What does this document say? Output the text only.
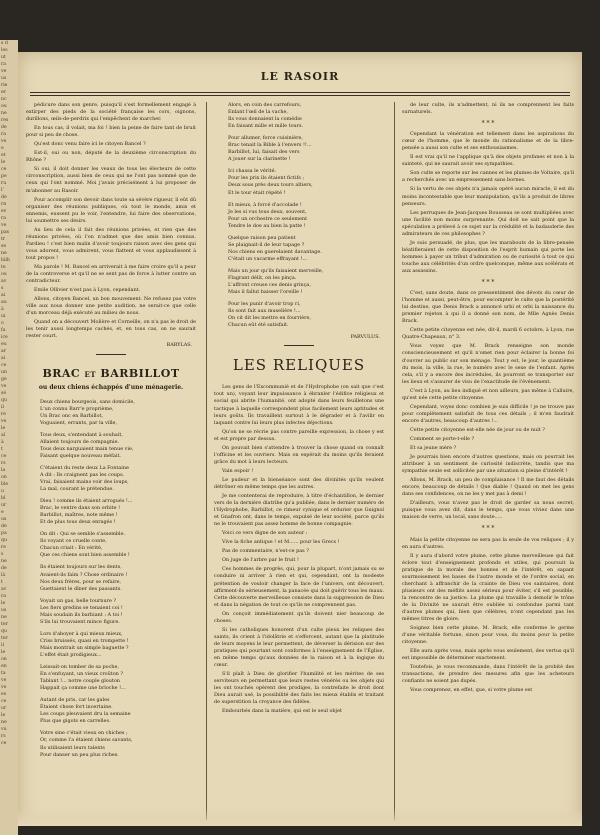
s ri
les
ut
ra
ve
us
rie
er
nc
ou
ne
res
de
ra
ve
e
et
le
ce
pe
ru
l'
de
rn
ev
ra
ve
pas
tr
se
ne
bilh
te
ou
av
s
ai
au
à
ui
o
fa
ice
eu
ar
ai
ce
un
ge
ve
sé
qu
il
re
ve
le
al
à
t
ce
rs
la
on
ble
u
bl
ur
e
us
de
pa
qu
re
s
ne
de
là
t
av
ra
le
us
ne
ter
qu
ter
il
le
on
en
ta
ve
ve
es
ce
ur
le
ne
vu
rs
ce
LE RASOIR

pédicure dans son genre, puisqu'il s'est formellement engagé à extirper des pieds de la société française les cors, oignons, durillons, œils-de-perdrix qui l'empêchent de marcher.

En tous cas, il volait, ma foi ! bien la peine de faire tant de bruit pour si peu de chose.

Qu'est donc venu faire ici le citoyen Bancel ?

Est-il, oui ou non, député de la deuxième circonscription du Rhône ?

Si oui, il doit donner les veaux de tous les électeurs de cette circonscription, aussi bien de ceux qui ne l'ont pas nommé que de ceux qui l'ont nommé. Moi j'avais précisément à lui proposer de m'abonner au Rasoir.

Pour accomplir son devoir dans toute sa sévère rigueur, il eût dû organiser des réunions publiques, où tout le monde, amis et ennemis, eussent pu le voir, l'entendre, lui faire des observations, lui soumettre ses désirs.

Au lieu de cela il fait des réunions privées, et rien que des réunions privées, où l'on n'admet que des amis bien connus. Pardieu ! c'est bien malin d'avoir toujours raison avec des gens qui vous adorent, vous admirent, vous flattent et vous applaudissent à tout propos !

Ma parole ! M. Bancel en arriverait à me faire croire qu'il a peur de la controverse et qu'il ne se sent pas de force à lutter contre un contradicteur.

Emile Ollivier n'est pas à Lyon, cependant.

Allons, citoyen Bancel, un bon mouvement. Ne refusez pas votre ville aux nous donner une petite audition, ne serait-ce que celle d'un morceau déjà exécuté au milieu de nous.

Quand on a découvert Molière et Corneille, on n'a pas le droit de les tenir aussi longtemps cachés, et, en tous cas, on ne saurait rester court.

BARYLAS.

BRAC ET BARBILLOT
ou deux chiens échappés d'une ménagerie.

Deux chiens bourgeois, sans domicile,

L'un connu Barr'e proprième,

Un Brac onc en Barbillot,

Voguaient, errants, par la ville,

Tous deux, s'entendant à souhait,

Allaient toujours de compagnie.

Tous deux narguaient main tenue vie,

Faisant quelque nouveau méfait.

C'étaient du reste deux La Fontaine

A dit : Ils craignent pas les coups.

Vrai, faisaient mains voir des loups,

La mal, courant le prétendue.

Dieu ! comme ils étaient arrogués !...

Brac, le ventre dans son orbite !

Barbillot, maîtres, note même !

Et de plus tous deux enragés !

On dit : Qui se semble s'assemble.

Ils voyant ce cruelle conte,

Chacun criait : En vérité,

Que ces chiens sont bien assemble !

Ils étaient toujours sur les dents,

Avaient-ils faim ? Chose ordinaire !

Nos deux frères, pour se refaire,

Guettaient le dîner des passants.

Voyait un gas, belle tournure ?

Les fiers gredins se tenaient coi !

Mais soudain ils barbiant : A toi !

S'ils lui trouvaient mince figure.

Lors d'aboyer à qui mieux mieux,

Criss bruissés, quasi en trompette !

Mais montrait un simple baguette ?

L'effet était prodigieux...

Leissait-on tomber de sa poche,

En s'enfuyant, un vieux croûton ?

Tablant !... notre couple glouton

Happait ça comme une brioche !...

Autant de pris, car les gales

Étaient chose fort incertaine.

Les coups pleuvaient dru la semaine

Plus que gigots en carrelles.

Votre sine c'était vieux en chiches ;

Or, comme l'a étaient chiens savants,

Ils utilisaient leurs talents

Pour danser un peu plus riches.

Alors, en coin des carrefours,

Enlant l'œil de la vache,

Ils vous donnaient la comédie

En faisant mille et mille tours.

Pour allumer, force cuisinière,

Brac tenait la Bible à l'envers !!...

Barbillot, lui, faisait des vers

A jouer sur la clarinette !

Ici chassa le vérité.

Pour les prix ils étaient fictifs ;

Deux sous près deux tours altiers,

Et le tour était répété !

Et mieux, à forcé d'accolade !

Je les si vus tous deux, souvent,

Pour un orchestre ce seulement

Tendre le doe au bien la patte !

Quelque raison peu patient

Se plaignait-il de leur tapage ?

Nos chiens en guerelaient davantage.

C'était un vacarme effrayant !...

Mais un jour qu'ils faisaient merveille,

Flagrant délit, on les pinça.

L'affront creuse ces denis grinça,

Mais il fallut baisser l'oreille !

Pour les punir d'avoir trop ri,

Ils sont fait aux muselière !...

On cit dit les mettre en fourrière,

Chacun eût été satisfait.

PARVULUS.

LES RELIQUES

Les gens de l'Excommunié et de l'Hydrophobe (on sait que c'est tout un), voyant leur impuissance à ébranler l'édifice religieux et social qui abrite l'humanité, ont adopté dans leurs feuilletons une tactique à laquelle correspondent plus facilement leurs aptitudes et leurs goûts. Ils travaillent surtout à le dégrader et à l'avilir en laquant contre lui leurs plus infectes déjections.

Qu'on ne se récrie pas contre pareille expression, la chose y est et est propre par dessus.

On pouvait bien s'attendre à trouver la chose quand on connaît l'officine et les ouvriers. Mais on espérait du moins qu'ils feraient grâce du mot à leurs lecteurs.

Vain espoir !

Le pudeur et la bienséance sont des divinités qu'ils veulent détrôner en même temps que les autres.

Je me contenterai de reproduire, à titre d'échantillon, le dernier vers de la dernière diatribe qu'a publiée, dans le dernier numéro de l'Hydrophobe, Barbillot, ce rimeur cynique et ordurier que Guignol et Gnafron ont, dans le temps, expulsé de leur société, parce qu'ils ne le trouvaient pas assez homme de bonne compagnie.

Voici ce vers digne de son auteur :

Vive la fiche antique ! et M...... pour les Grecs !

Pas de commentaire, n'est-ce pas ?

On juge de l'arbre par le fruit !

Ces hommes de progrès, qui, pour la plupart, n'ont jamais su se conduire ni arriver à rien et qui, cependant, ont la modeste prétention de vouloir changer la face de l'univers, ont découvert, affirment-ils sérieusement, la panacée qui doit guérir tous les maux. Cette découverte merveilleuse consiste dans la suppression de Dieu et dans la négation de tout ce qu'ils ne comprennent pas.

On conçoit immédiatement qu'ils doivent nier beaucoup de choses.

Si les catholiques honorent d'un culte pieux les reliques des saints, ils crient à l'idolâtrie et s'efforcent, autant que la platitude de leurs moyens le leur permettent, de déverser la dérision sur des pratiques qui pourtant sont conformes à l'enseignement de l'Église, en même temps qu'aux données de la raison et à la logique du cœur.

S'il plaît à Dieu de glorifier l'humilité et les mérites de ses serviteurs en permettant que leurs restes vénérés ou les objets qui les ont touchés opèrent des prodiges, la contrefaite le droit dont Dieu aurait usé, la possibilité des faits les mieux établis et traitant de superstition la croyance des fidèles.

Embourbés dans la matière, qui est le seul objet

de leur culte, ils n'admettent, ni ils ne comprennent les faits surnaturels.

* * *

Cependant la vénération est tellement dans les aspirations du cœur de l'homme, que le monde du rationalisme et de la libre-pensée a aussi son culte et ses enthousiasmes.

Il est vrai qu'il ne l'applique qu'à des objets profanes et non à la sainteté, qui ne saurait avoir ses sympathies.

Son culte se reporte sur les cannes et les plumes de Voltaire, qu'il a recherchés avec un empressement sans bornes.

Si la vertu de ces objets n'a jamais opéré aucun miracle, il est du moins incontestable que leur manipulation, qu'ils a produit de libres penseurs.

Les perruques de Jean-Jacques Rousseau se sont multipliées avec une facilité non moins surprenante. Qui doit ne sait point que la spéculation a prélevé à ce sujet sur la crédulité et la badauderie des admirateurs de ces philosophes ?

Je suis persuadé, de plus, que les marabouts de la libre-pensée béatifieraient de cette disposition de l'esprit humain qui porte les hommes à payer un tribut d'admiration ou de curiosité à tout ce qui touche aux célébrités d'un ordre quelconque, même aux scélérats et aux assassins.

* * *

C'est, sans doute, dans ce pressentiment des dévots du cœur de l'homme et aussi, peut-être, pour escompter le culte que la postérité lui destine, que Denis Brack a annoncé urbi et orbi la naissance du premier rejeton à qui il a donné son nom, de Mlle Agnès Denis Brack.

Cette petite citoyenne est née, dit-il, mardi 6 octobre, à Lyon, rue Quatre-Chapeaux, n° 3.

Vous voyez que M. Brack renseigne son monde consciencieusement et qu'il n'omet rien pour éclairer la bonne foi d'ouvrer au public sur son ménage. Tout y est, le jour, le quantième du mois, la ville, la rue, le numéro avec le sexe de l'enfant. Après cela, s'il y a encore des incrédules, ils pourront se transporter sur les lieux et s'assurer de visu de l'exactitude de l'événement.

C'est à Lyon, au lieu indiqué et non ailleurs, pas même à Calluire, qu'est née cette petite citoyenne.

Cependant, voyez donc combien je suis difficile ! je ne trouve pas pour complètement satisfait de tous ces détails ; il m'en faudrait encore d'autres, beaucoup d'autres !...

Cette petite citoyenne est-elle née de jour ou de nuit ?

Comment se porte-t-elle ?

Et sa jeune mère ?

Je pourrais bien encore d'autres questions, mais on pourrait les attribuer à un sentiment de curiosité indiscrète, tandis que ma sympathie seule est sollicitée par une situation si pleine d'intérêt !

Allons, M. Brack, un peu de complaisance ! Il me faut des détails encore, beaucoup de détails ! Que diable ! Quand on met les gens dans ses confidences, on ne les y met pas à demi !

D'ailleurs, vous n'avez pas le droit de garder sa nous secret, puisque vous avez dit, dans le temps, que vous viviez dans une maison de verre, un local, sans doute.....

* * *

Mais la petite citoyenne ne sera pas la seule de vos reliques ; il y en aura d'autres.

Il y aura d'abord votre plume, cette plume merveilleuse qui fait éclore tout d'enseignement profonds et utiles, qui poursuit la pratique de la morale des bonnes et de l'intérêt, en sapant sourmoisement les bases de l'autre monde et de l'ordre social, en cherchant à affranchir de la crainte de Dieu vos saintaires, dont plusieurs ont des méfiits assez sérieux pour éviter, s'il est possible, la rencontre de sa justice. La plume qui travaille à demolir le trône de la Divinité ne saurait être oubliée ni confondue parmi tant d'autres plumes qui, bien que célèbres, n'ont cependant pas les mêmes titres de gloire.

Soignez bien cette plume, M. Brack, elle conferme le germe d'une véritable fortune, sinon pour vous, du moins pour la petite citoyenne.

Elle aura après vous, mais après vous seulement, des vertus qu'il est impossible de déterminer exactement.

Toutefois, je vous recommande, dans l'intérêt de la probité des transactions, de prendre des mesures afin que les acheteurs confiants ne soient pas dupés.

Vous comprenez, en effet, que, si votre plume est
